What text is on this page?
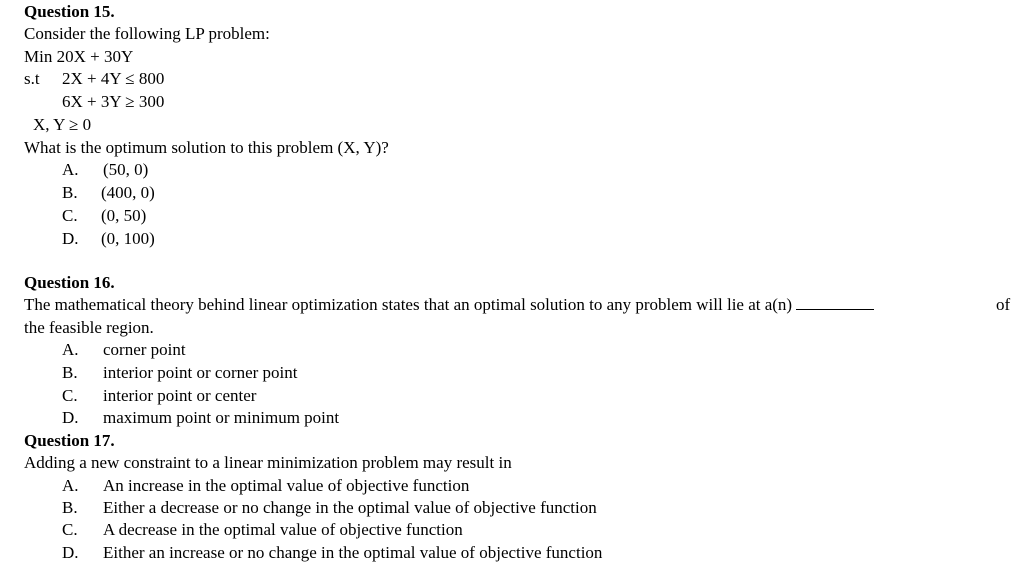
Question 15.
Consider the following LP problem:
Min 20X + 30Y
s.t 2X + 4Y ≤ 800
6X + 3Y ≥ 300
X, Y ≥ 0
What is the optimum solution to this problem (X, Y)?
A. (50, 0)
B. (400, 0)
C. (0, 50)
D. (0, 100)
Question 16.
The mathematical theory behind linear optimization states that an optimal solution to any problem will lie at a(n)	of
the feasible region.
A. corner point
B. interior point or corner point
C. interior point or center
D. maximum point or minimum point
Question 17.
Adding a new constraint to a linear minimization problem may result in
A. An increase in the optimal value of objective function
B. Either a decrease or no change in the optimal value of objective function
C. A decrease in the optimal value of objective function
D. Either an increase or no change in the optimal value of objective function
